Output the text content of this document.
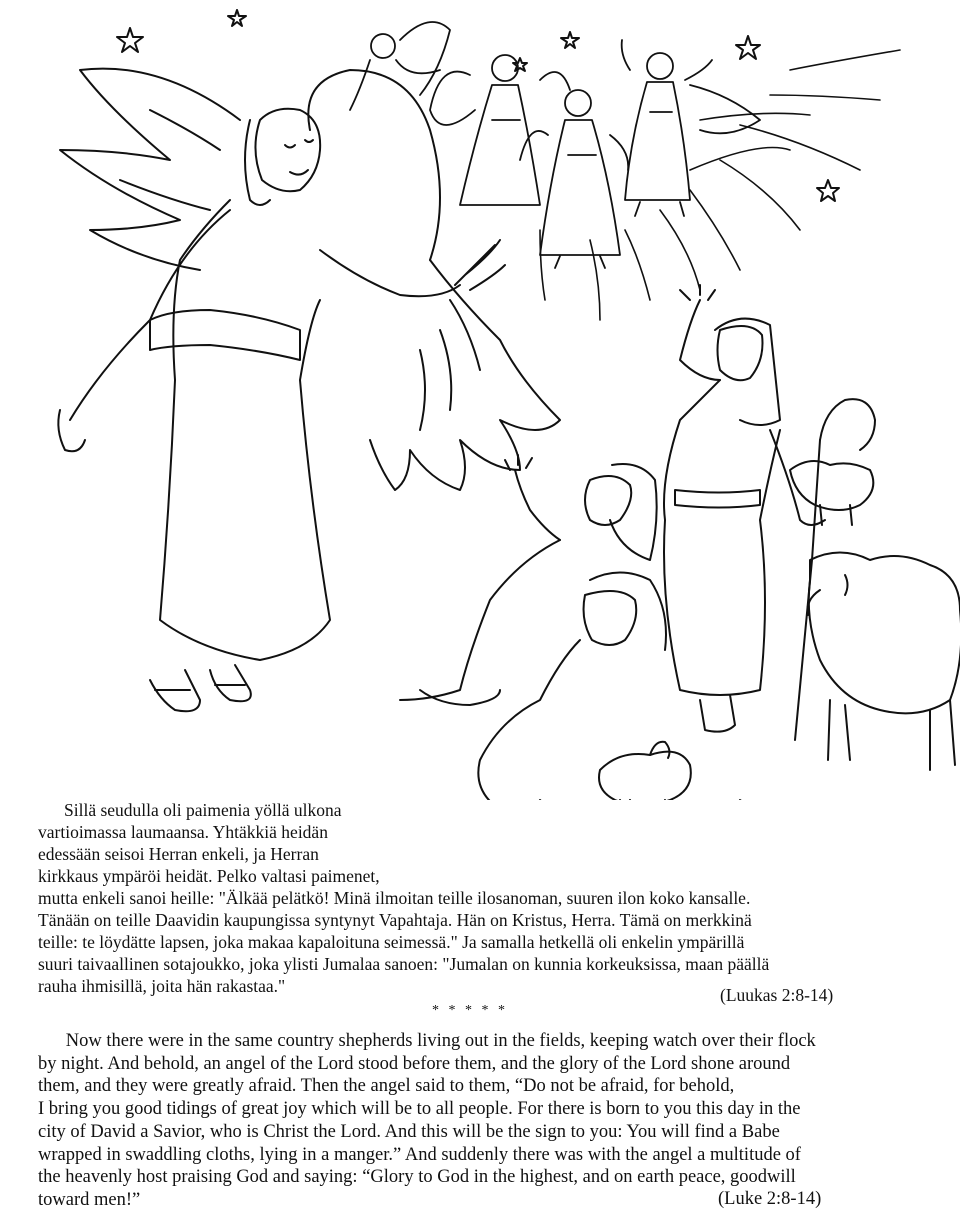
Sillä seudulla oli paimenia yöllä ulkona
vartioimassa laumaansa. Yhtäkkiä heidän
edessään seisoi Herran enkeli, ja Herran
kirkkaus ympäröi heidät. Pelko valtasi paimenet,
mutta enkeli sanoi heille: "Älkää pelätkö! Minä ilmoitan teille ilosanoman, suuren ilon koko kansalle.
Tänään on teille Daavidin kaupungissa syntynyt Vapahtaja. Hän on Kristus, Herra. Tämä on merkkinä
teille: te löydätte lapsen, joka makaa kapaloituna seimessä." Ja samalla hetkellä oli enkelin ympärillä
suuri taivaallinen sotajoukko, joka ylisti Jumalaa sanoen: "Jumalan on kunnia korkeuksissa, maan päällä
rauha ihmisillä, joita hän rakastaa."	(Luukas 2:8-14)
* * * * *
Now there were in the same country shepherds living out in the fields, keeping watch over their flock
by night. And behold, an angel of the Lord stood before them, and the glory of the Lord shone around
them, and they were greatly afraid. Then the angel said to them, “Do not be afraid, for behold,
I bring you good tidings of great joy which will be to all people. For there is born to you this day in the
city of David a Savior, who is Christ the Lord. And this will be the sign to you: You will find a Babe
wrapped in swaddling cloths, lying in a manger.” And suddenly there was with the angel a multitude of
the heavenly host praising God and saying: “Glory to God in the highest, and on earth peace, goodwill
toward men!”	(Luke 2:8-14)
